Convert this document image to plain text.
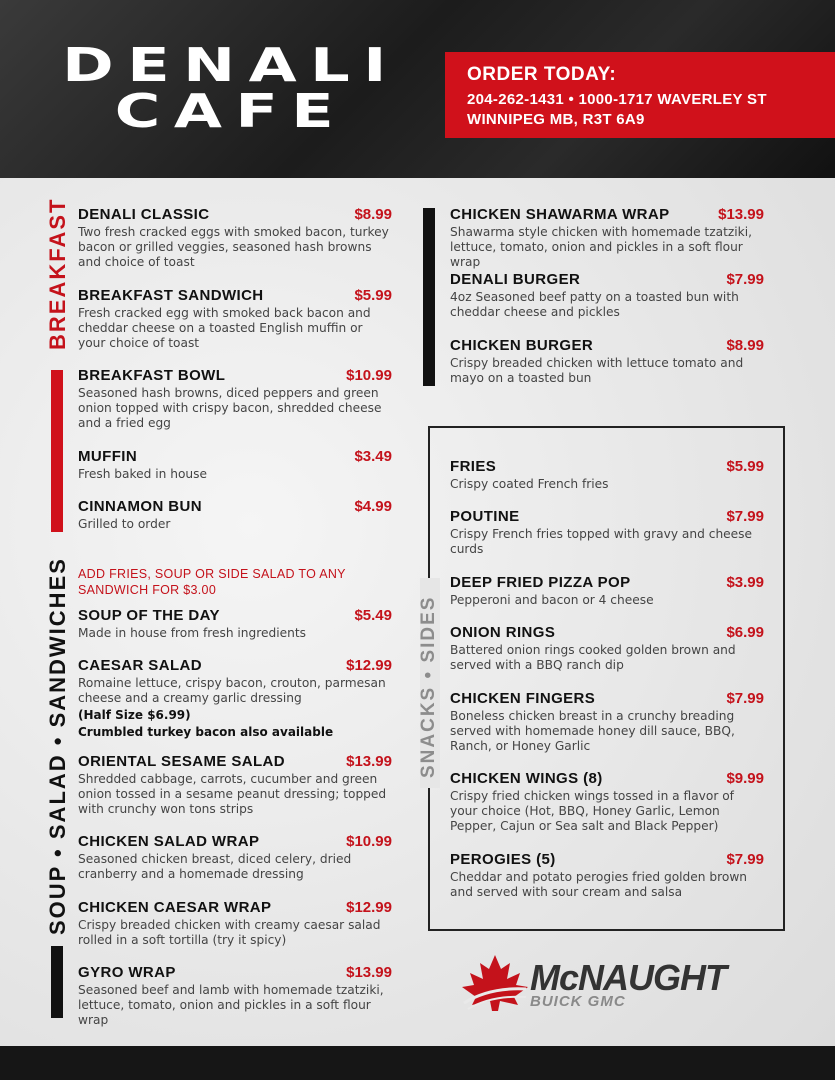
DENALI
CAFE
ORDER TODAY:
204-262-1431 • 1000-1717 WAVERLEY ST
WINNIPEG MB, R3T 6A9
BREAKFAST DENALI CLASSIC	$8.99
Two fresh cracked eggs with smoked bacon, turkey bacon or grilled veggies, seasoned hash browns and choice of toast
BREAKFAST SANDWICH	$5.99
Fresh cracked egg with smoked back bacon and cheddar cheese on a toasted English muffin or your choice of toast
BREAKFAST BOWL	$10.99
Seasoned hash browns, diced peppers and green onion topped with crispy bacon, shredded cheese and a fried egg
MUFFIN	$3.49
Fresh baked in house
CINNAMON BUN	$4.99
Grilled to order
SOUP • SALAD • SANDWICHES ADD FRIES, SOUP OR SIDE SALAD TO ANY SANDWICH FOR $3.00
SOUP OF THE DAY	$5.49
Made in house from fresh ingredients
CAESAR SALAD	$12.99
Romaine lettuce, crispy bacon, crouton, parmesan cheese and a creamy garlic dressing
(Half Size $6.99)
Crumbled turkey bacon also available
ORIENTAL SESAME SALAD	$13.99
Shredded cabbage, carrots, cucumber and green onion tossed in a sesame peanut dressing; topped with crunchy won tons strips
CHICKEN SALAD WRAP	$10.99
Seasoned chicken breast, diced celery, dried cranberry and a homemade dressing
CHICKEN CAESAR WRAP	$12.99
Crispy breaded chicken with creamy caesar salad rolled in a soft tortilla (try it spicy)
GYRO WRAP	$13.99
Seasoned beef and lamb with homemade tzatziki, lettuce, tomato, onion and pickles in a soft flour wrap
CHICKEN SHAWARMA WRAP	$13.99
Shawarma style chicken with homemade tzatziki, lettuce, tomato, onion and pickles in a soft flour wrap
DENALI BURGER	$7.99
4oz Seasoned beef patty on a toasted bun with cheddar cheese and pickles
CHICKEN BURGER	$8.99
Crispy breaded chicken with lettuce tomato and mayo on a toasted bun
SNACKS • SIDES
FRIES	$5.99
Crispy coated French fries
POUTINE	$7.99
Crispy French fries topped with gravy and cheese curds
DEEP FRIED PIZZA POP	$3.99
Pepperoni and bacon or 4 cheese
ONION RINGS	$6.99
Battered onion rings cooked golden brown and served with a BBQ ranch dip
CHICKEN FINGERS	$7.99
Boneless chicken breast in a crunchy breading served with homemade honey dill sauce, BBQ, Ranch, or Honey Garlic
CHICKEN WINGS (8)	$9.99
Crispy fried chicken wings tossed in a flavor of your choice (Hot, BBQ, Honey Garlic, Lemon Pepper, Cajun or Sea salt and Black Pepper)
PEROGIES (5)	$7.99
Cheddar and potato perogies fried golden brown and served with sour cream and salsa
McNAUGHT
BUICK GMC
